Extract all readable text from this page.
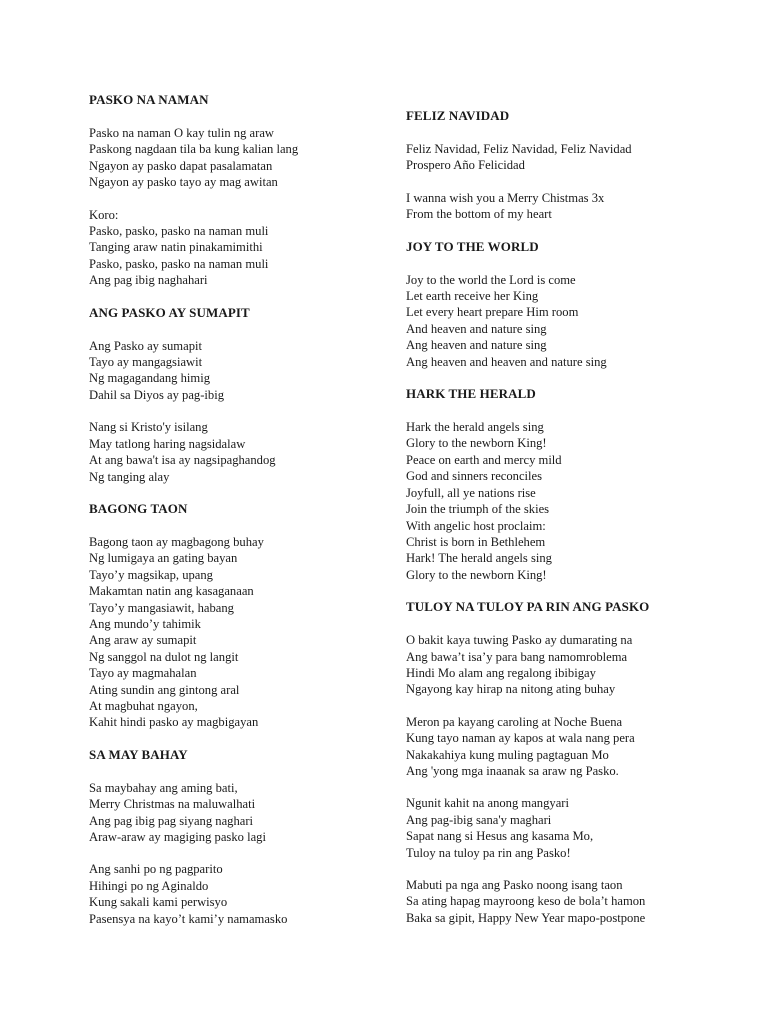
PASKO NA NAMAN
Pasko na naman O kay tulin ng araw
Paskong nagdaan tila ba kung kalian lang
Ngayon ay pasko dapat pasalamatan
Ngayon ay pasko tayo ay mag awitan
Koro:
Pasko, pasko, pasko na naman muli
Tanging araw natin pinakamimithi
Pasko, pasko, pasko na naman muli
Ang pag ibig naghahari
ANG PASKO AY SUMAPIT
Ang Pasko ay sumapit
Tayo ay mangagsiawit
Ng magagandang himig
Dahil sa Diyos ay pag-ibig
Nang si Kristo'y isilang
May tatlong haring nagsidalaw
At ang bawa't isa ay nagsipaghandog
Ng tanging alay
BAGONG TAON
Bagong taon ay magbagong buhay
Ng lumigaya an gating bayan
Tayo’y magsikap, upang
Makamtan natin ang kasaganaan
Tayo’y mangasiawit, habang
Ang mundo’y tahimik
Ang araw ay sumapit
Ng sanggol na dulot ng langit
Tayo ay magmahalan
Ating sundin ang gintong aral
At magbuhat ngayon,
Kahit hindi pasko ay magbigayan
SA MAY BAHAY
Sa maybahay ang aming bati,
Merry Christmas na maluwalhati
Ang pag ibig pag siyang naghari
Araw-araw ay magiging pasko lagi
Ang sanhi po ng pagparito
Hihingi po ng Aginaldo
Kung sakali kami perwisyo
Pasensya na kayo’t kami’y namamasko
FELIZ NAVIDAD
Feliz Navidad, Feliz Navidad, Feliz Navidad
Prospero Año Felicidad
I wanna wish you a Merry Chistmas 3x
From the bottom of my heart
JOY TO THE WORLD
Joy to the world the Lord is come
Let earth receive her King
Let every heart prepare Him room
And heaven and nature sing
Ang heaven and nature sing
Ang heaven and heaven and nature sing
HARK THE HERALD
Hark the herald angels sing
Glory to the newborn King!
Peace on earth and mercy mild
God and sinners reconciles
Joyfull, all ye nations rise
Join the triumph of the skies
With angelic host proclaim:
Christ is born in Bethlehem
Hark! The herald angels sing
Glory to the newborn King!
TULOY NA TULOY PA RIN ANG PASKO
O bakit kaya tuwing Pasko ay dumarating na
Ang bawa’t isa’y para bang namomroblema
Hindi Mo alam ang regalong ibibigay
Ngayong kay hirap na nitong ating buhay
Meron pa kayang caroling at Noche Buena
Kung tayo naman ay kapos at wala nang pera
Nakakahiya kung muling pagtaguan Mo
Ang 'yong mga inaanak sa araw ng Pasko.
Ngunit kahit na anong mangyari
Ang pag-ibig sana'y maghari
Sapat nang si Hesus ang kasama Mo,
Tuloy na tuloy pa rin ang Pasko!
Mabuti pa nga ang Pasko noong isang taon
Sa ating hapag mayroong keso de bola’t hamon
Baka sa gipit, Happy New Year mapo-postpone
